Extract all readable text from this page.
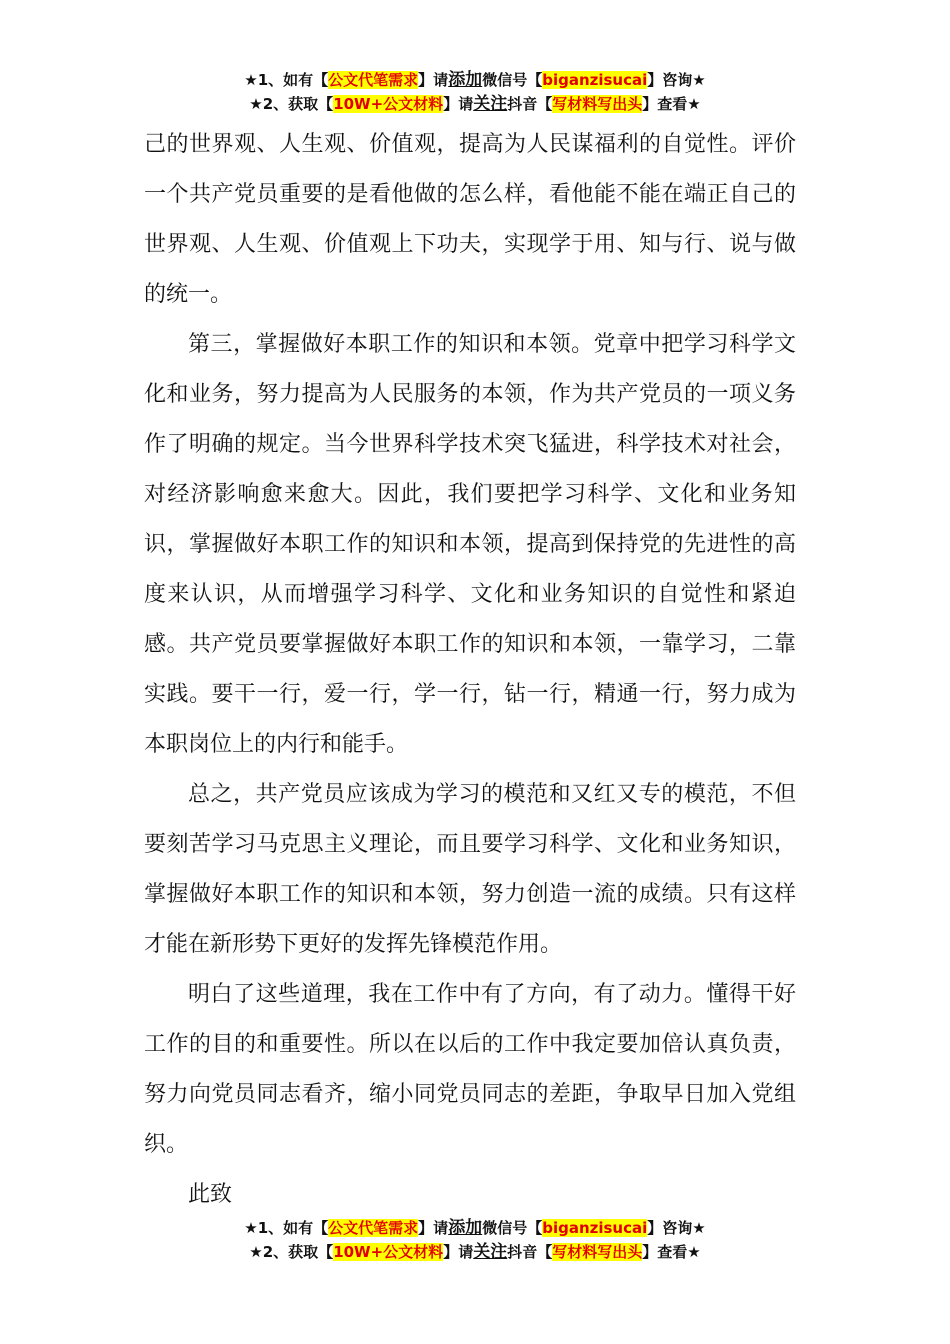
★1、如有【公文代笔需求】请添加微信号【biganzisucai】咨询★
★2、获取【10W+公文材料】请关注抖音【写材料写出头】查看★

己的世界观、人生观、价值观，提高为人民谋福利的自觉性。评价一个共产党员重要的是看他做的怎么样，看他能不能在端正自己的世界观、人生观、价值观上下功夫，实现学于用、知与行、说与做的统一。

第三，掌握做好本职工作的知识和本领。党章中把学习科学文化和业务，努力提高为人民服务的本领，作为共产党员的一项义务作了明确的规定。当今世界科学技术突飞猛进，科学技术对社会，对经济影响愈来愈大。因此，我们要把学习科学、文化和业务知识，掌握做好本职工作的知识和本领，提高到保持党的先进性的高度来认识，从而增强学习科学、文化和业务知识的自觉性和紧迫感。共产党员要掌握做好本职工作的知识和本领，一靠学习，二靠实践。要干一行，爱一行，学一行，钻一行，精通一行，努力成为本职岗位上的内行和能手。

总之，共产党员应该成为学习的模范和又红又专的模范，不但要刻苦学习马克思主义理论，而且要学习科学、文化和业务知识，掌握做好本职工作的知识和本领，努力创造一流的成绩。只有这样才能在新形势下更好的发挥先锋模范作用。

明白了这些道理，我在工作中有了方向，有了动力。懂得干好工作的目的和重要性。所以在以后的工作中我定要加倍认真负责，努力向党员同志看齐，缩小同党员同志的差距，争取早日加入党组织。

此致

★1、如有【公文代笔需求】请添加微信号【biganzisucai】咨询★
★2、获取【10W+公文材料】请关注抖音【写材料写出头】查看★
